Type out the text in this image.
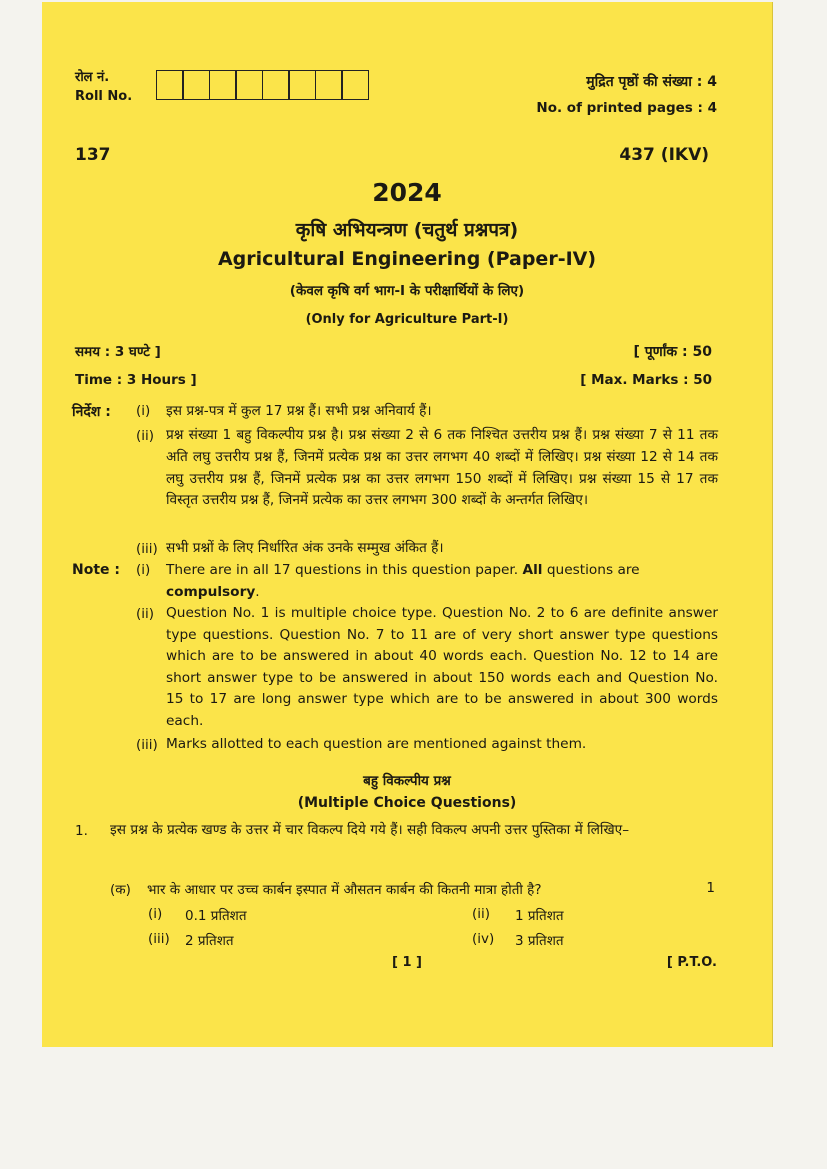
रोल नं.
Roll No.
मुद्रित पृष्ठों की संख्या : 4
No. of printed pages : 4
137	437 (IKV)
2024
कृषि अभियन्त्रण (चतुर्थ प्रश्नपत्र)
Agricultural Engineering (Paper-IV)
(केवल कृषि वर्ग भाग-I के परीक्षार्थियों के लिए)
(Only for Agriculture Part-I)
समय : 3 घण्टे ]	[ पूर्णांक : 50
Time : 3 Hours ]	[ Max. Marks : 50
निर्देश : (i) इस प्रश्न-पत्र में कुल 17 प्रश्न हैं। सभी प्रश्न अनिवार्य हैं।
(ii) प्रश्न संख्या 1 बहु विकल्पीय प्रश्न है। प्रश्न संख्या 2 से 6 तक निश्चित उत्तरीय प्रश्न हैं। प्रश्न संख्या 7 से 11 तक अति लघु उत्तरीय प्रश्न हैं, जिनमें प्रत्येक प्रश्न का उत्तर लगभग 40 शब्दों में लिखिए। प्रश्न संख्या 12 से 14 तक लघु उत्तरीय प्रश्न हैं, जिनमें प्रत्येक प्रश्न का उत्तर लगभग 150 शब्दों में लिखिए। प्रश्न संख्या 15 से 17 तक विस्तृत उत्तरीय प्रश्न हैं, जिनमें प्रत्येक का उत्तर लगभग 300 शब्दों के अन्तर्गत लिखिए।
(iii) सभी प्रश्नों के लिए निर्धारित अंक उनके सम्मुख अंकित हैं।
Note : (i) There are in all 17 questions in this question paper. All questions are compulsory.
(ii) Question No. 1 is multiple choice type. Question No. 2 to 6 are definite answer type questions. Question No. 7 to 11 are of very short answer type questions which are to be answered in about 40 words each. Question No. 12 to 14 are short answer type to be answered in about 150 words each and Question No. 15 to 17 are long answer type which are to be answered in about 300 words each.
(iii) Marks allotted to each question are mentioned against them.
बहु विकल्पीय प्रश्न
(Multiple Choice Questions)
1. इस प्रश्न के प्रत्येक खण्ड के उत्तर में चार विकल्प दिये गये हैं। सही विकल्प अपनी उत्तर पुस्तिका में लिखिए–
(क) भार के आधार पर उच्च कार्बन इस्पात में औसतन कार्बन की कितनी मात्रा होती है?	1
(i) 0.1 प्रतिशत	(ii) 1 प्रतिशत
(iii) 2 प्रतिशत	(iv) 3 प्रतिशत
[ 1 ]	[ P.T.O.
